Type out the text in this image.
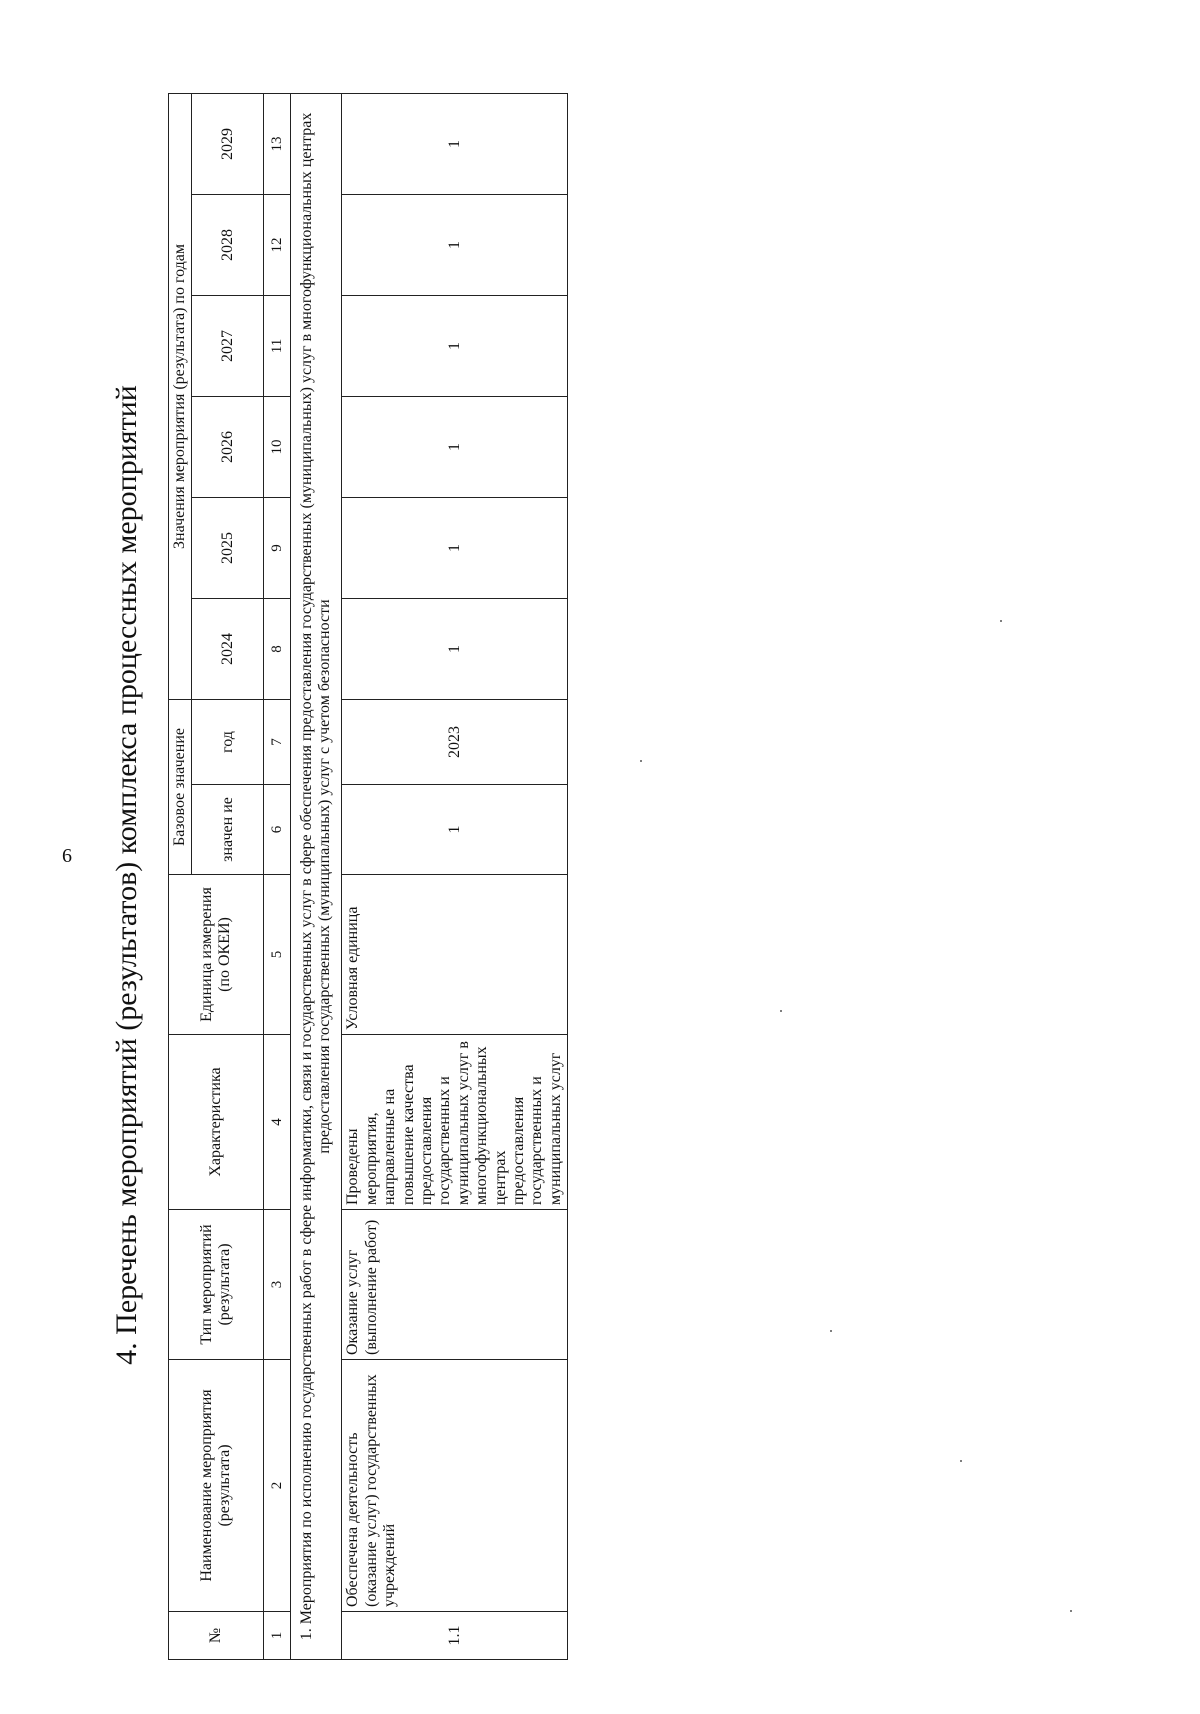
6 4. Перечень мероприятий (результатов) комплекса процессных мероприятий
№	Наименование мероприятия (результата)	Тип мероприятий (результата)	Характеристика	Единица измерения (по ОКЕИ)	Базовое значение		Значения мероприятия (результата) по годам					
					значен ие	год	2024	2025	2026	2027	2028	2029
1	2	3	4	5	6	7	8	9	10	11	12	13
1. Мероприятия по исполнению государственных работ в сфере информатики, связи и государственных услуг в сфере обеспечения предоставления государственных (муниципальных) услуг в многофункциональных центрах предоставления государственных (муниципальных) услуг с учетом безопасности												
1.1	Обеспечена деятельность (оказание услуг) государственных учреждений	Оказание услуг (выполнение работ)	Проведены мероприятия, направленные на повышение качества предоставления государственных и муниципальных услуг в многофункциональных центрах предоставления государственных и муниципальных услуг	Условная единица	1	2023	1	1	1	1	1	1
